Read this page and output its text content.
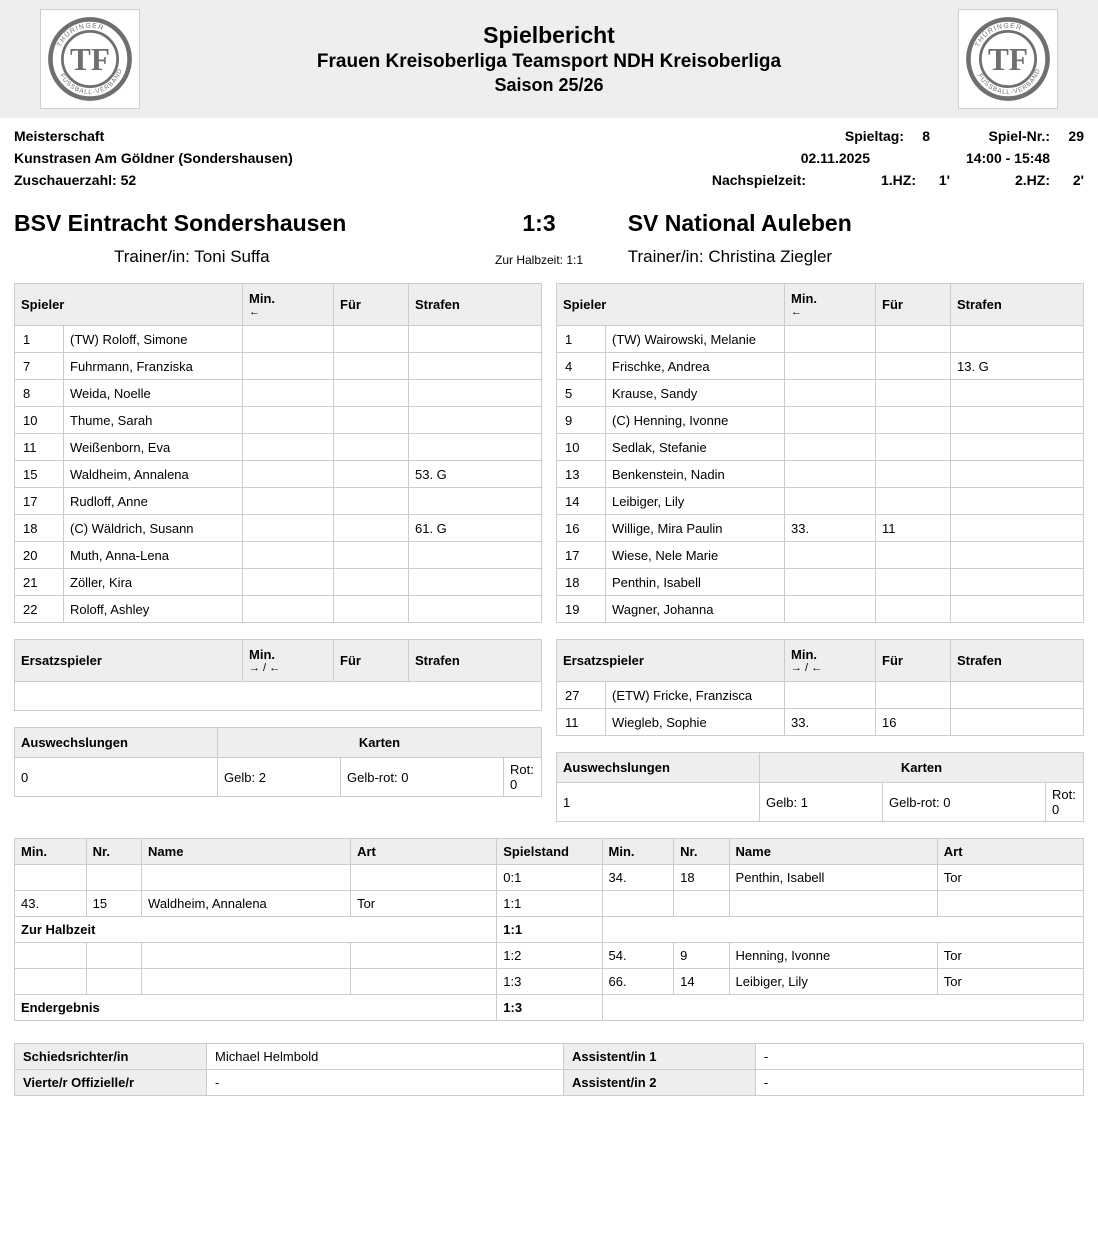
TF
THÜRINGER
FUSSBALL-VERBAND
Spielbericht
Frauen Kreisoberliga Teamsport NDH Kreisoberliga
Saison 25/26
TF
THÜRINGER
FUSSBALL-VERBAND
Meisterschaft
Kunstrasen Am Göldner (Sondershausen)
Zuschauerzahl: 52
Spieltag:	8	Spiel-Nr.:	29
02.11.2025	14:00 - 15:48
Nachspielzeit:	1.HZ:	1'	2.HZ:	2'
BSV Eintracht Sondershausen
Trainer/in: Toni Suffa
1:3
Zur Halbzeit: 1:1
SV National Auleben
Trainer/in: Christina Ziegler
Spieler		Min.
←	Für	Strafen
1	(TW) Roloff, Simone			
7	Fuhrmann, Franziska			
8	Weida, Noelle			
10	Thume, Sarah			
11	Weißenborn, Eva			
15	Waldheim, Annalena			53. G
17	Rudloff, Anne			
18	(C) Wäldrich, Susann			61. G
20	Muth, Anna-Lena			
21	Zöller, Kira			
22	Roloff, Ashley			
Ersatzspieler	Min.
→ / ←	Für	Strafen

Auswechslungen	Karten		
0	Gelb: 2	Gelb-rot: 0	Rot: 0
Spieler		Min.
←	Für	Strafen
1	(TW) Wairowski, Melanie			
4	Frischke, Andrea			13. G
5	Krause, Sandy			
9	(C) Henning, Ivonne			
10	Sedlak, Stefanie			
13	Benkenstein, Nadin			
14	Leibiger, Lily			
16	Willige, Mira Paulin	33.	11	
17	Wiese, Nele Marie			
18	Penthin, Isabell			
19	Wagner, Johanna			
Ersatzspieler		Min.
→ / ←	Für	Strafen
27	(ETW) Fricke, Franzisca			
11	Wiegleb, Sophie	33.	16	
Auswechslungen	Karten		
1	Gelb: 1	Gelb-rot: 0	Rot: 0
Min.	Nr.	Name	Art	Spielstand	Min.	Nr.	Name	Art
				0:1	34.	18	Penthin, Isabell	Tor
43.	15	Waldheim, Annalena	Tor	1:1				
Zur Halbzeit				1:1				
				1:2	54.	9	Henning, Ivonne	Tor
				1:3	66.	14	Leibiger, Lily	Tor
Endergebnis				1:3				
Schiedsrichter/in	Michael Helmbold	Assistent/in 1	-
Vierte/r Offizielle/r	-	Assistent/in 2	-
